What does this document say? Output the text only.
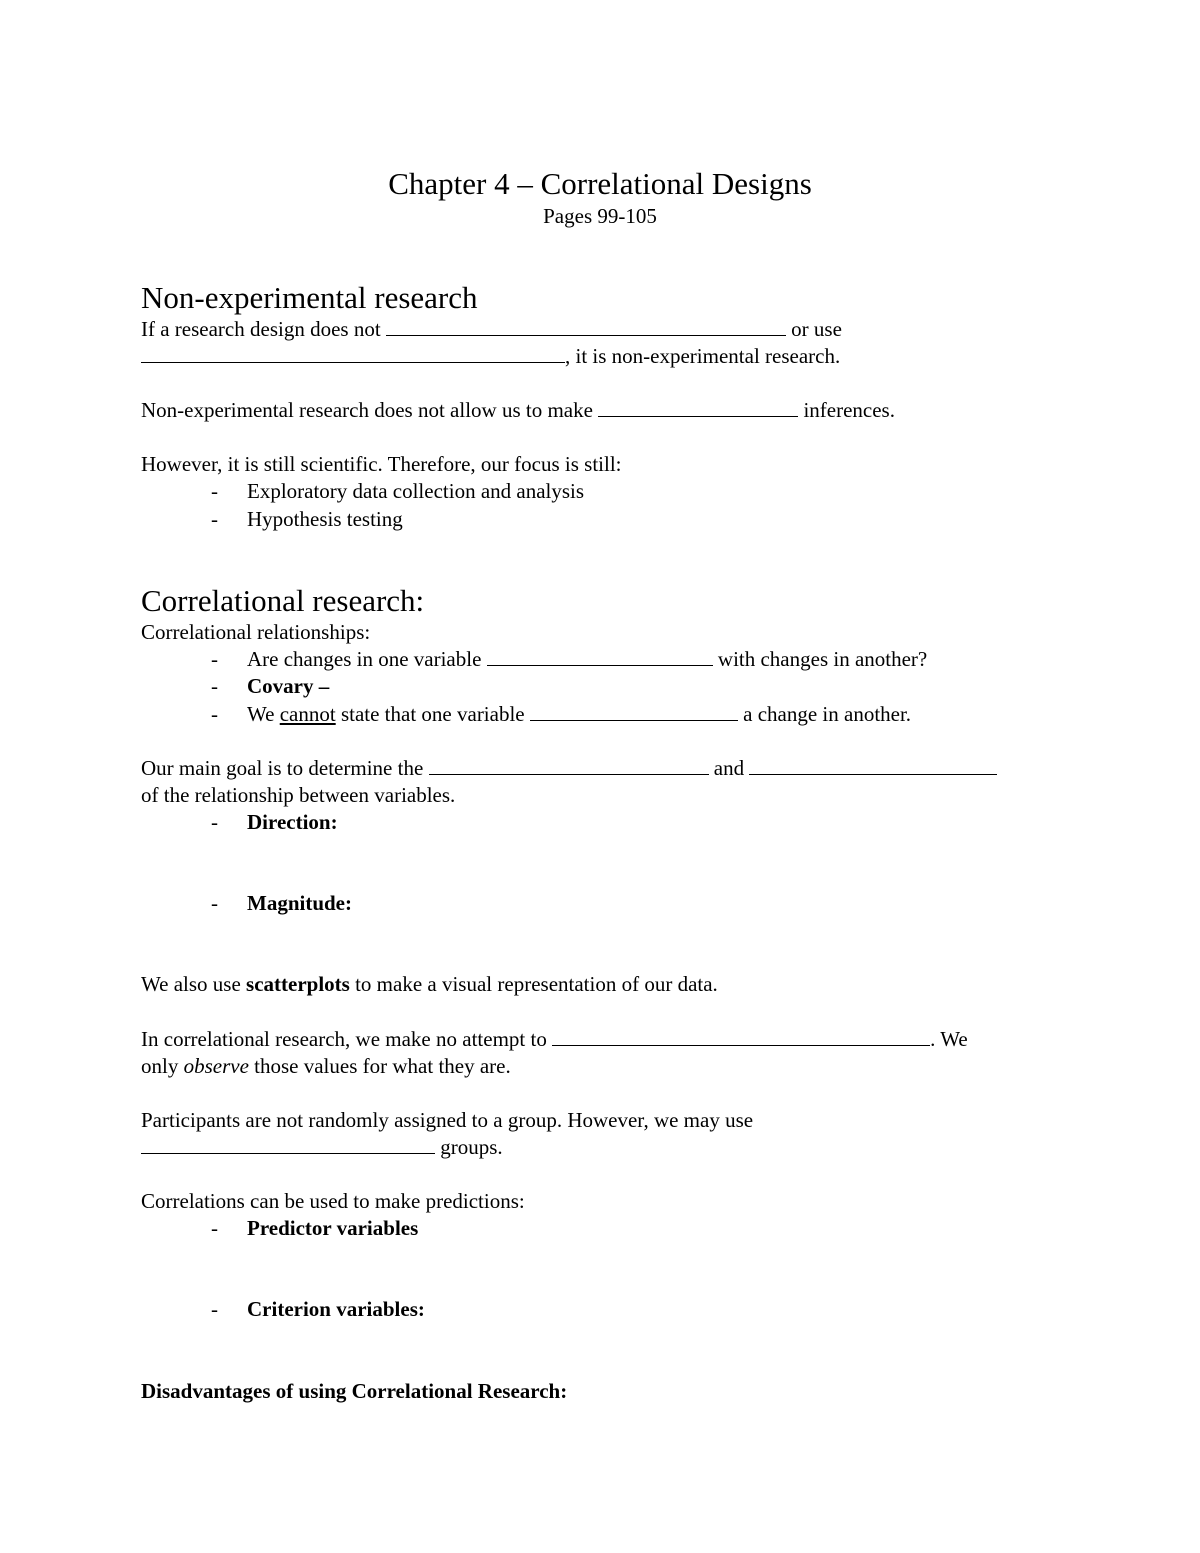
Chapter 4 – Correlational Designs
Pages 99-105
Non-experimental research
If a research design does not	or use
, it is non-experimental research.
Non-experimental research does not allow us to make	inferences.
However, it is still scientific. Therefore, our focus is still:
- Exploratory data collection and analysis
- Hypothesis testing
Correlational research:
Correlational relationships:
- Are changes in one variable	with changes in another?
- Covary –
- We cannot state that one variable	a change in another.
Our main goal is to determine the	and
of the relationship between variables.
- Direction:
- Magnitude:
We also use scatterplots to make a visual representation of our data.
In correlational research, we make no attempt to	. We
only observe those values for what they are.
Participants are not randomly assigned to a group. However, we may use
groups.
Correlations can be used to make predictions:
- Predictor variables
- Criterion variables:
Disadvantages of using Correlational Research:
